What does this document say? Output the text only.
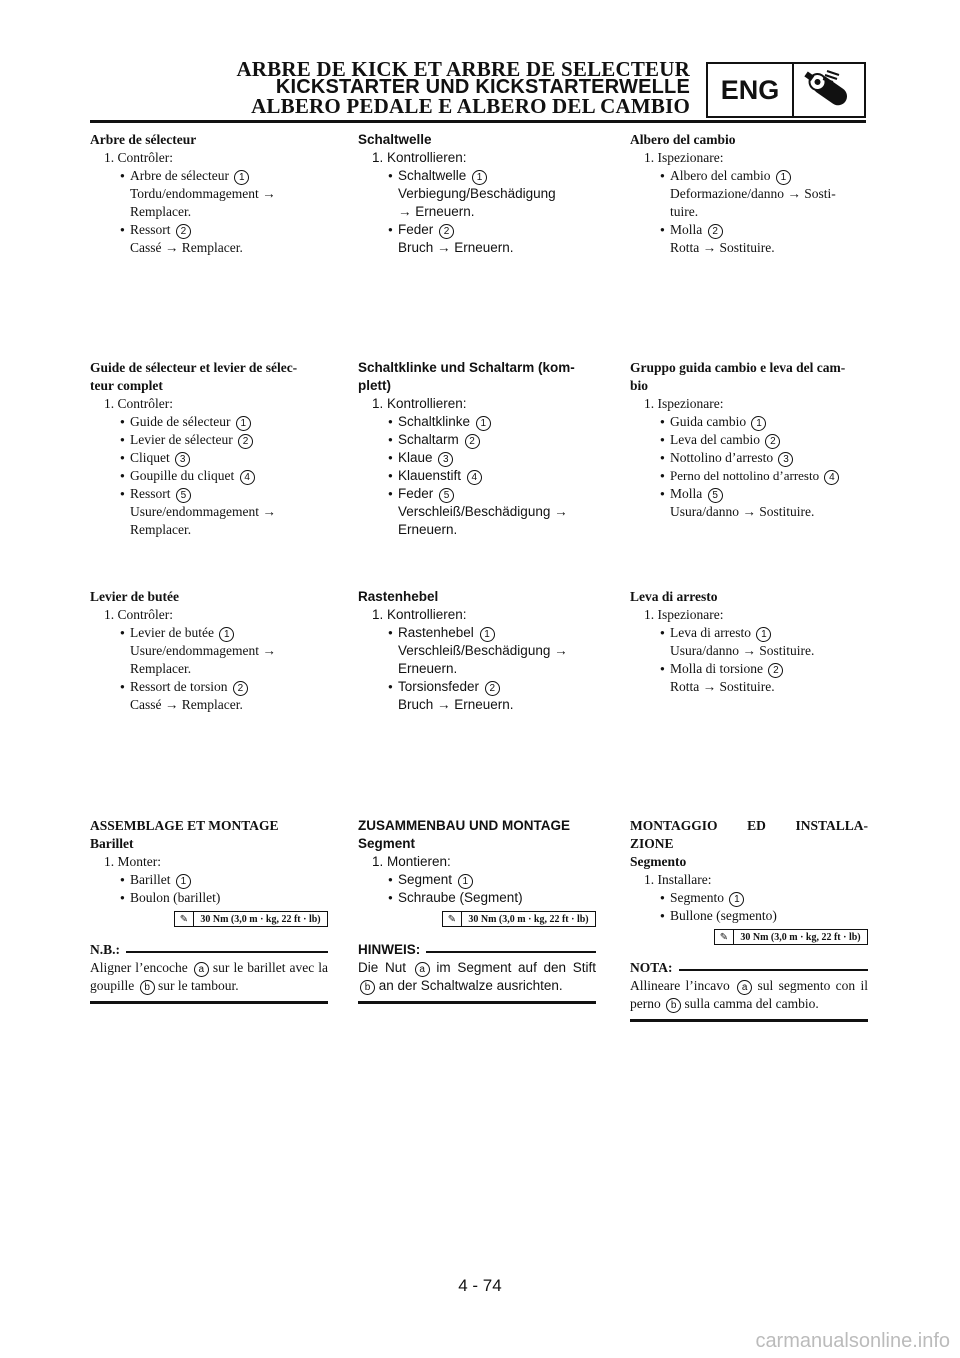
ARBRE DE KICK ET ARBRE DE SELECTEUR
KICKSTARTER UND KICKSTARTERWELLE
ALBERO PEDALE E ALBERO DEL CAMBIO
ENG
Arbre de sélecteur
1. Contrôler:
● Arbre de sélecteur 1
Tordu/endommagement →
Remplacer.
● Ressort 2
Cassé → Remplacer.
Guide de sélecteur et levier de sélec-
teur complet
1. Contrôler:
● Guide de sélecteur 1
● Levier de sélecteur 2
● Cliquet 3
● Goupille du cliquet 4
● Ressort 5
Usure/endommagement →
Remplacer.
Levier de butée
1. Contrôler:
● Levier de butée 1
Usure/endommagement →
Remplacer.
● Ressort de torsion 2
Cassé → Remplacer.
ASSEMBLAGE ET MONTAGE
Barillet
1. Monter:
● Barillet 1
● Boulon (barillet)
✎	30 Nm (3,0 m · kg, 22 ft · lb)
N.B.:
Aligner l’encoche a sur le barillet avec la goupille b sur le tambour.
Schaltwelle
1. Kontrollieren:
● Schaltwelle 1
Verbiegung/Beschädigung
→ Erneuern.
● Feder 2
Bruch → Erneuern.
Schaltklinke und Schaltarm (kom-
plett)
1. Kontrollieren:
● Schaltklinke 1
● Schaltarm 2
● Klaue 3
● Klauenstift 4
● Feder 5
Verschleiß/Beschädigung →
Erneuern.
Rastenhebel
1. Kontrollieren:
● Rastenhebel 1
Verschleiß/Beschädigung →
Erneuern.
● Torsionsfeder 2
Bruch → Erneuern.
ZUSAMMENBAU UND MONTAGE
Segment
1. Montieren:
● Segment 1
● Schraube (Segment)
✎	30 Nm (3,0 m · kg, 22 ft · lb)
HINWEIS:
Die Nut a im Segment auf den Stift b an der Schaltwalze ausrichten.
Albero del cambio
1. Ispezionare:
● Albero del cambio 1
Deformazione/danno → Sosti-
tuire.
● Molla 2
Rotta → Sostituire.
Gruppo guida cambio e leva del cam-
bio
1. Ispezionare:
● Guida cambio 1
● Leva del cambio 2
● Nottolino d’arresto 3
● Perno del nottolino d’arresto 4
● Molla 5
Usura/danno → Sostituire.
Leva di arresto
1. Ispezionare:
● Leva di arresto 1
Usura/danno → Sostituire.
● Molla di torsione 2
Rotta → Sostituire.
MONTAGGIO ED INSTALLA-
ZIONE
Segmento
1. Installare:
● Segmento 1
● Bullone (segmento)
✎	30 Nm (3,0 m · kg, 22 ft · lb)
NOTA:
Allineare l’incavo a sul segmento con il perno b sulla camma del cambio.
4 - 74
carmanualsonline.info
